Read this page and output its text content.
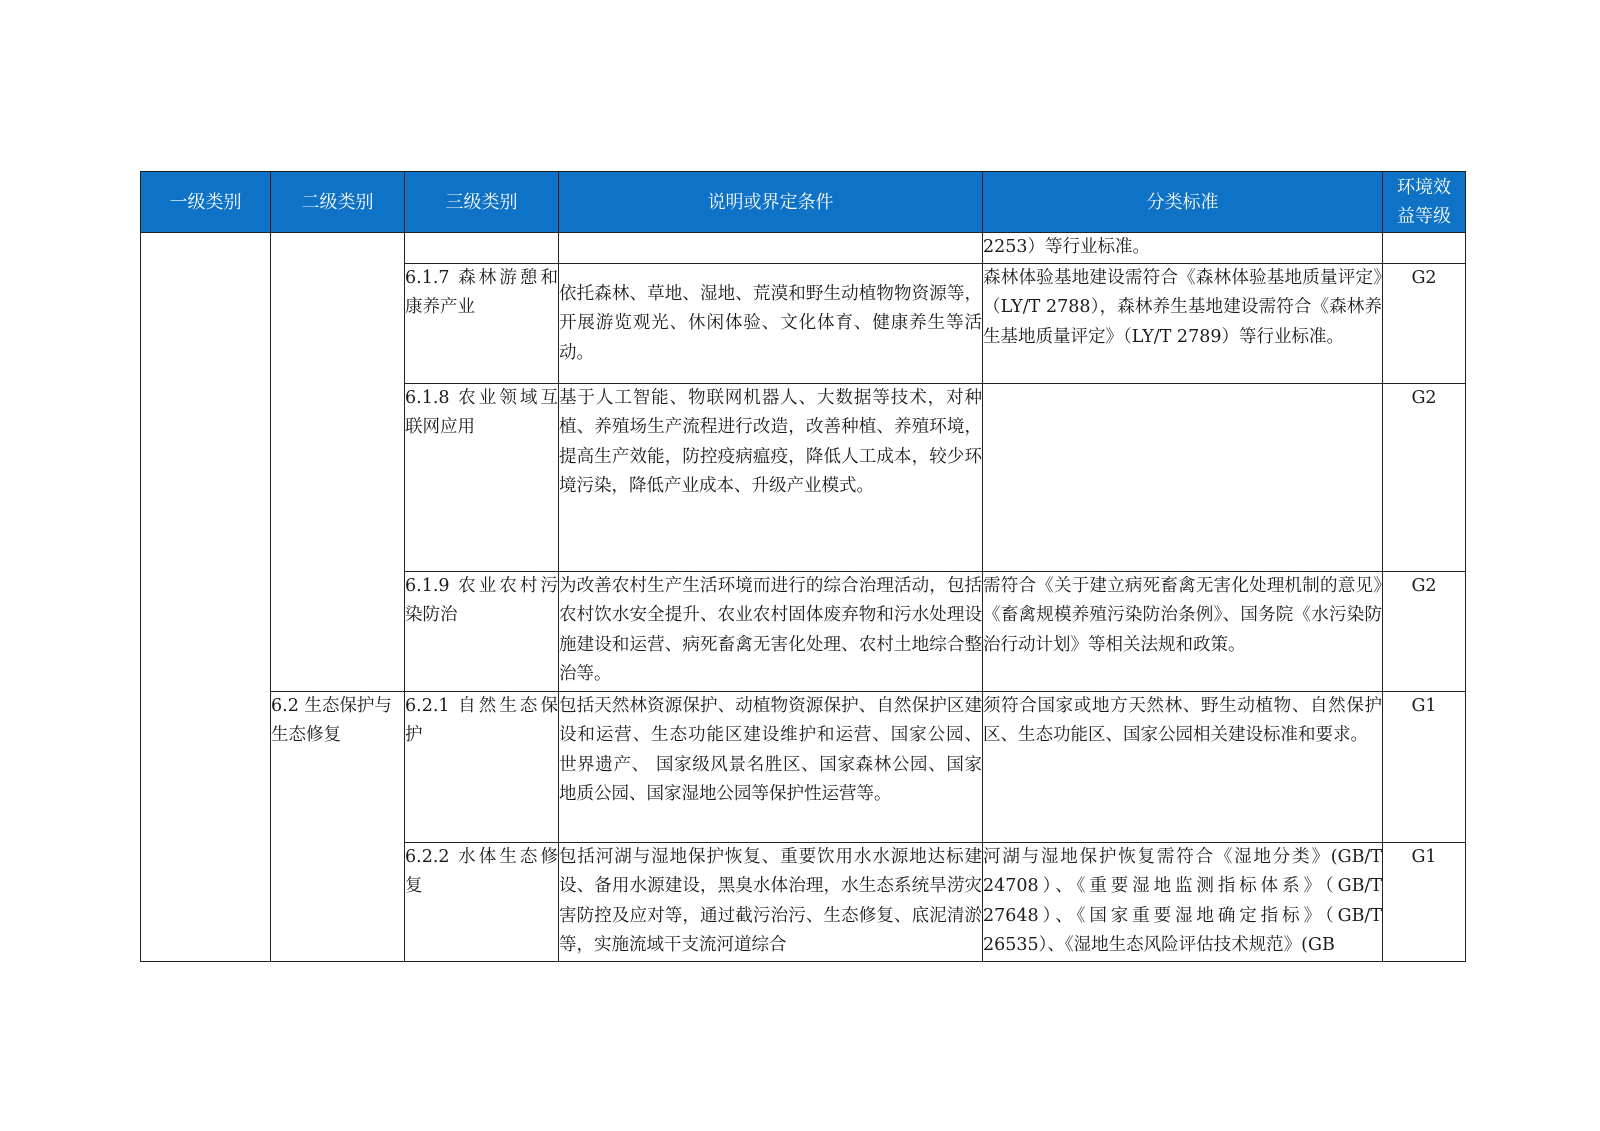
一级类别	二级类别	三级类别	说明或界定条件	分类标准	环境效益等级
				2253）等行业标准。	
		6.1.7 森林游憩和康养产业	依托森林、草地、湿地、荒漠和野生动植物物资源等，开展游览观光、休闲体验、文化体育、健康养生等活动。	森林体验基地建设需符合《森林体验基地质量评定》（LY/T 2788），森林养生基地建设需符合《森林养生基地质量评定》（LY/T 2789）等行业标准。	G2
		6.1.8 农业领域互联网应用	基于人工智能、物联网机器人、大数据等技术，对种植、养殖场生产流程进行改造，改善种植、养殖环境，提高生产效能，防控疫病瘟疫，降低人工成本，较少环境污染，降低产业成本、升级产业模式。		G2
		6.1.9 农业农村污染防治	为改善农村生产生活环境而进行的综合治理活动，包括农村饮水安全提升、农业农村固体废弃物和污水处理设施建设和运营、病死畜禽无害化处理、农村土地综合整治等。	需符合《关于建立病死畜禽无害化处理机制的意见》《畜禽规模养殖污染防治条例》、国务院《水污染防治行动计划》等相关法规和政策。	G2
	6.2 生态保护与生态修复	6.2.1 自然生态保护	包括天然林资源保护、动植物资源保护、自然保护区建设和运营、生态功能区建设维护和运营、国家公园、 世界遗产、 国家级风景名胜区、国家森林公园、国家地质公园、国家湿地公园等保护性运营等。	须符合国家或地方天然林、野生动植物、自然保护区、生态功能区、国家公园相关建设标准和要求。	G1
		6.2.2 水体生态修复	包括河湖与湿地保护恢复、重要饮用水水源地达标建设、备用水源建设，黑臭水体治理，水生态系统旱涝灾害防控及应对等，通过截污治污、生态修复、底泥清淤等，实施流域干支流河道综合	河湖与湿地保护恢复需符合《湿地分类》(GB/T 24708）、《重要湿地监测指标体系》（GB/T 27648）、《国家重要湿地确定指标》（GB/T 26535）、《湿地生态风险评估技术规范》(GB	G1
